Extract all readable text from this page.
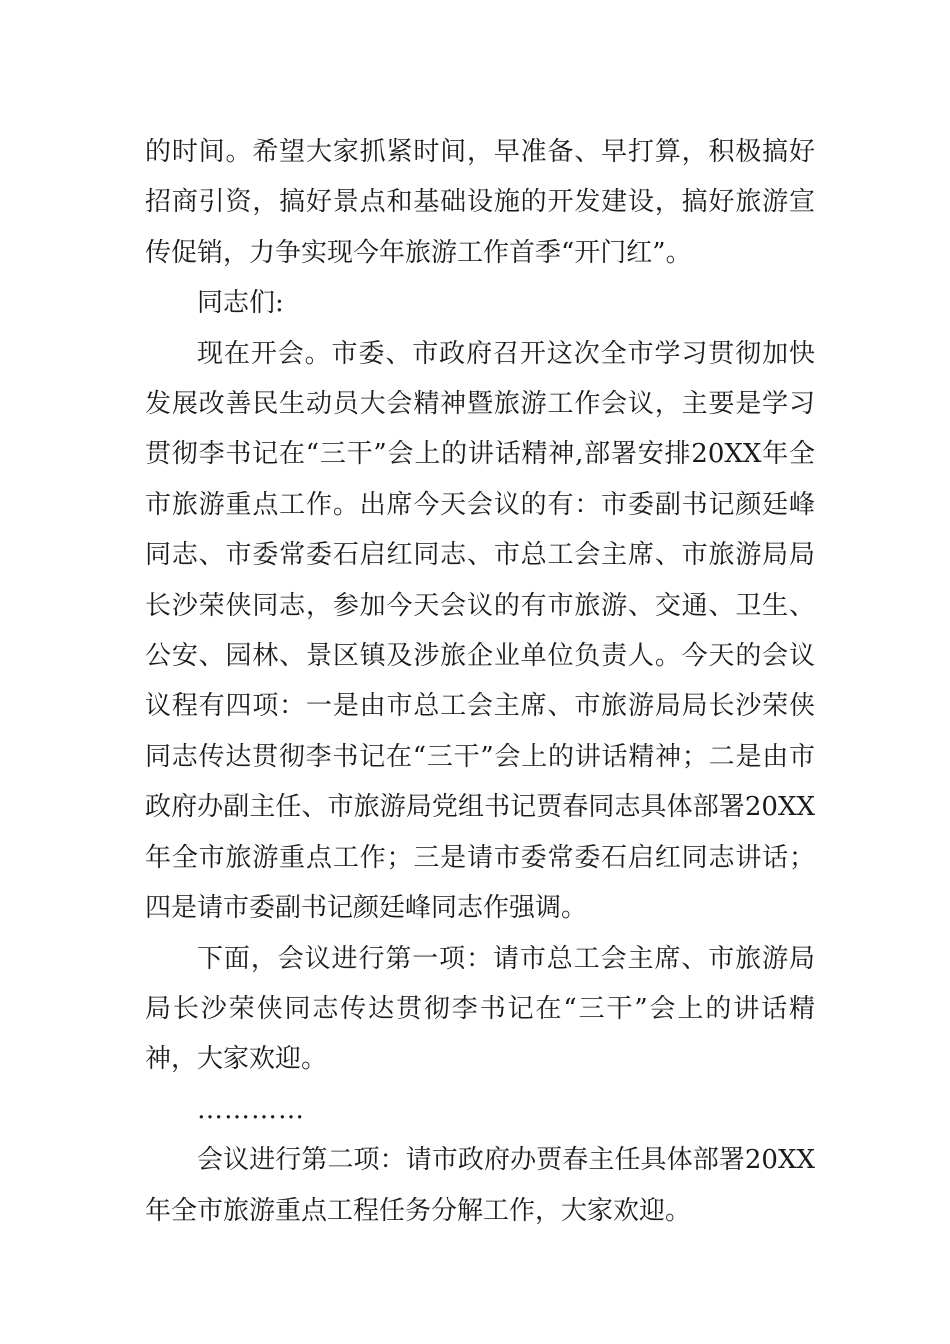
的时间。希望大家抓紧时间，早准备、早打算，积极搞好招商引资，搞好景点和基础设施的开发建设，搞好旅游宣传促销，力争实现今年旅游工作首季“开门红”。

同志们:

现在开会。市委、市政府召开这次全市学习贯彻加快发展改善民生动员大会精神暨旅游工作会议，主要是学习贯彻李书记在“三干”会上的讲话精神,部署安排20XX年全市旅游重点工作。出席今天会议的有：市委副书记颜廷峰同志、市委常委石启红同志、市总工会主席、市旅游局局长沙荣侠同志，参加今天会议的有市旅游、交通、卫生、公安、园林、景区镇及涉旅企业单位负责人。今天的会议议程有四项：一是由市总工会主席、市旅游局局长沙荣侠同志传达贯彻李书记在“三干”会上的讲话精神；二是由市政府办副主任、市旅游局党组书记贾春同志具体部署20XX年全市旅游重点工作；三是请市委常委石启红同志讲话；四是请市委副书记颜廷峰同志作强调。

下面，会议进行第一项：请市总工会主席、市旅游局局长沙荣侠同志传达贯彻李书记在“三干”会上的讲话精神，大家欢迎。

…………

会议进行第二项：请市政府办贾春主任具体部署20XX年全市旅游重点工程任务分解工作，大家欢迎。
